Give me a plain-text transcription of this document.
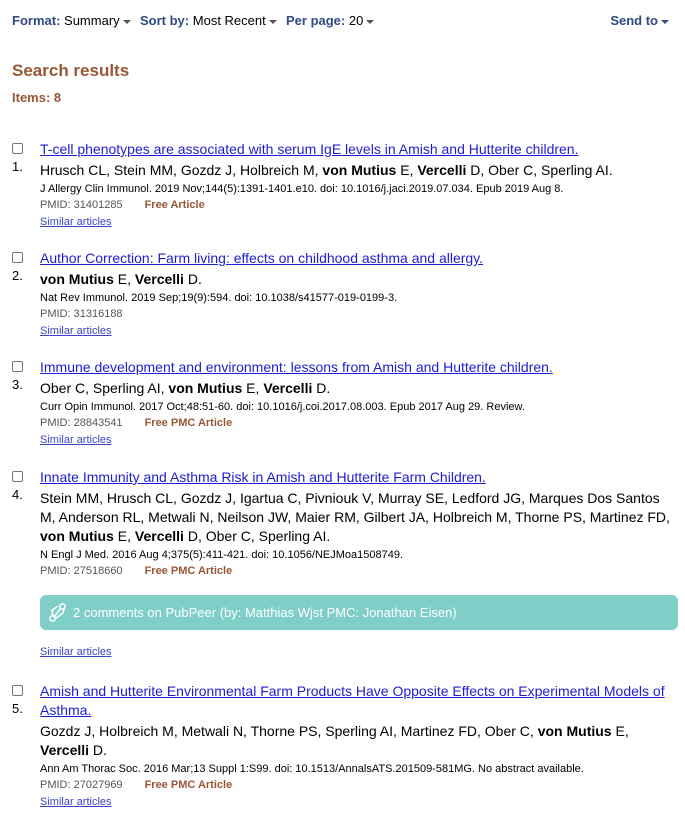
Format: Summary	Sort by: Most Recent	Per page: 20	Send to
Search results
Items: 8
1.
T-cell phenotypes are associated with serum IgE levels in Amish and Hutterite children.
Hrusch CL, Stein MM, Gozdz J, Holbreich M, von Mutius E, Vercelli D, Ober C, Sperling AI.
J Allergy Clin Immunol. 2019 Nov;144(5):1391-1401.e10. doi: 10.1016/j.jaci.2019.07.034. Epub 2019 Aug 8.
PMID: 31401285 Free Article
Similar articles
2.
Author Correction: Farm living: effects on childhood asthma and allergy.
von Mutius E, Vercelli D.
Nat Rev Immunol. 2019 Sep;19(9):594. doi: 10.1038/s41577-019-0199-3.
PMID: 31316188
Similar articles
3.
Immune development and environment: lessons from Amish and Hutterite children.
Ober C, Sperling AI, von Mutius E, Vercelli D.
Curr Opin Immunol. 2017 Oct;48:51-60. doi: 10.1016/j.coi.2017.08.003. Epub 2017 Aug 29. Review.
PMID: 28843541 Free PMC Article
Similar articles
4.
Innate Immunity and Asthma Risk in Amish and Hutterite Farm Children.
Stein MM, Hrusch CL, Gozdz J, Igartua C, Pivniouk V, Murray SE, Ledford JG, Marques Dos Santos M, Anderson RL, Metwali N, Neilson JW, Maier RM, Gilbert JA, Holbreich M, Thorne PS, Martinez FD, von Mutius E, Vercelli D, Ober C, Sperling AI.
N Engl J Med. 2016 Aug 4;375(5):411-421. doi: 10.1056/NEJMoa1508749.
PMID: 27518660 Free PMC Article
2 comments on PubPeer (by: Matthias Wjst PMC: Jonathan Eisen)
Similar articles
5.
Amish and Hutterite Environmental Farm Products Have Opposite Effects on Experimental Models of Asthma.
Gozdz J, Holbreich M, Metwali N, Thorne PS, Sperling AI, Martinez FD, Ober C, von Mutius E, Vercelli D.
Ann Am Thorac Soc. 2016 Mar;13 Suppl 1:S99. doi: 10.1513/AnnalsATS.201509-581MG. No abstract available.
PMID: 27027969 Free PMC Article
Similar articles
